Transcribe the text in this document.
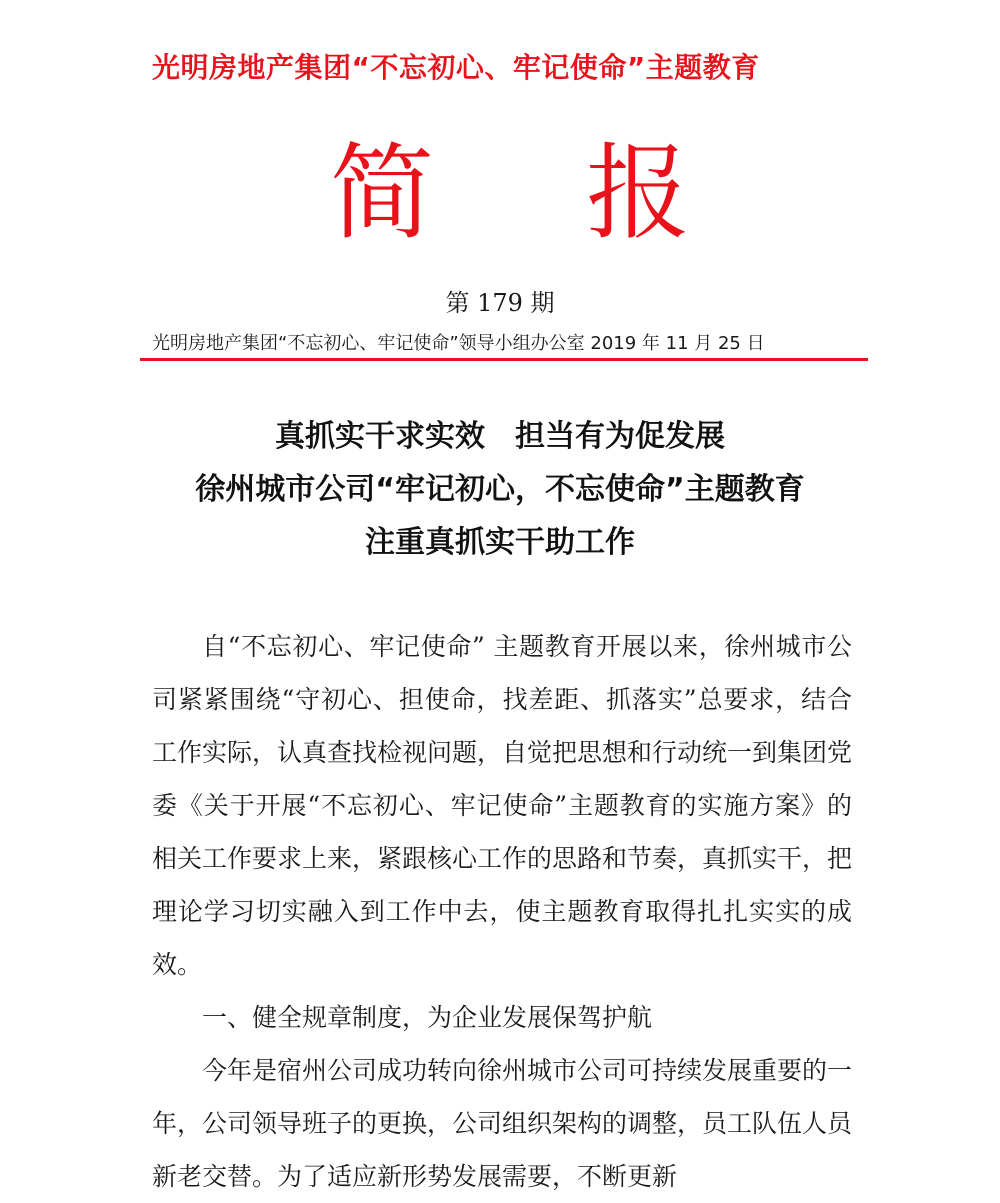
光明房地产集团“不忘初心、牢记使命”主题教育
简 报
第 179 期
光明房地产集团“不忘初心、牢记使命”领导小组办公室 2019 年 11 月 25 日
真抓实干求实效　担当有为促发展
徐州城市公司“牢记初心，不忘使命”主题教育
注重真抓实干助工作

自“不忘初心、牢记使命” 主题教育开展以来，徐州城市公司紧紧围绕“守初心、担使命，找差距、抓落实”总要求，结合工作实际，认真查找检视问题，自觉把思想和行动统一到集团党委《关于开展“不忘初心、牢记使命”主题教育的实施方案》的相关工作要求上来，紧跟核心工作的思路和节奏，真抓实干，把理论学习切实融入到工作中去，使主题教育取得扎扎实实的成效。

一、健全规章制度，为企业发展保驾护航

今年是宿州公司成功转向徐州城市公司可持续发展重要的一年，公司领导班子的更换，公司组织架构的调整，员工队伍人员新老交替。为了适应新形势发展需要，不断更新
